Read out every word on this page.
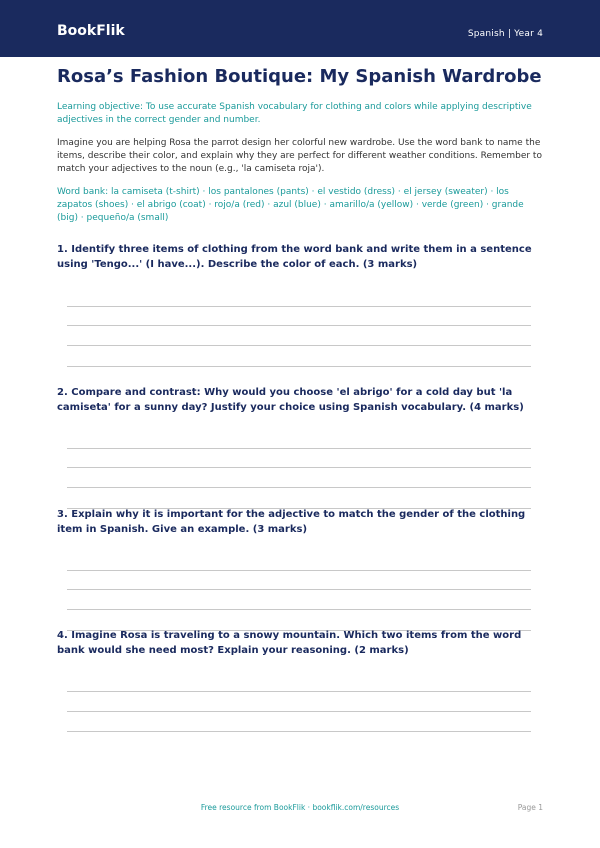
BookFlik	Spanish | Year 4
Rosa’s Fashion Boutique: My Spanish Wardrobe
Learning objective: To use accurate Spanish vocabulary for clothing and colors while applying descriptive adjectives in the correct gender and number.
Imagine you are helping Rosa the parrot design her colorful new wardrobe. Use the word bank to name the items, describe their color, and explain why they are perfect for different weather conditions. Remember to match your adjectives to the noun (e.g., 'la camiseta roja').
Word bank: la camiseta (t-shirt) · los pantalones (pants) · el vestido (dress) · el jersey (sweater) · los zapatos (shoes) · el abrigo (coat) · rojo/a (red) · azul (blue) · amarillo/a (yellow) · verde (green) · grande (big) · pequeño/a (small)
1. Identify three items of clothing from the word bank and write them in a sentence using 'Tengo...' (I have...). Describe the color of each. (3 marks)
2. Compare and contrast: Why would you choose 'el abrigo' for a cold day but 'la camiseta' for a sunny day? Justify your choice using Spanish vocabulary. (4 marks)
3. Explain why it is important for the adjective to match the gender of the clothing item in Spanish. Give an example. (3 marks)
4. Imagine Rosa is traveling to a snowy mountain. Which two items from the word bank would she need most? Explain your reasoning. (2 marks)
Free resource from BookFlik · bookflik.com/resources	Page 1
